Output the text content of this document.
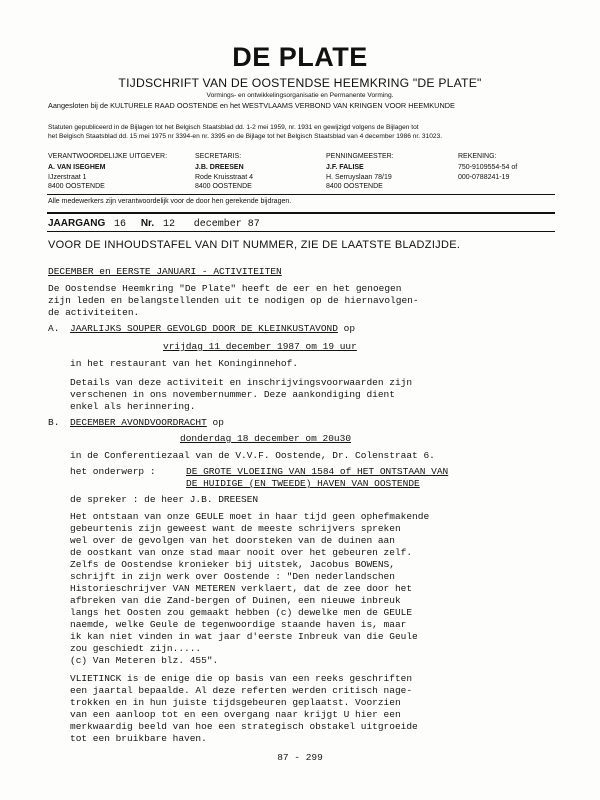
DE PLATE
TIJDSCHRIFT VAN DE OOSTENDSE HEEMKRING "DE PLATE"
Vormings- en ontwikkelingsorganisatie en Permanente Vorming.
Aangesloten bij de KULTURELE RAAD OOSTENDE en het WESTVLAAMS VERBOND VAN KRINGEN VOOR HEEMKUNDE
Statuten gepubliceerd in de Bijlagen tot het Belgisch Staatsblad dd. 1-2 mei 1959, nr. 1931 en gewijzigd volgens de Bijlagen tot
het Belgisch Staatsblad dd. 15 mei 1975 nr 3394-en nr. 3395 en de Bijlage tot het Belgisch Staatsblad van 4 december 1986 nr. 31023.
VERANTWOORDELIJKE UITGEVER:
A. VAN ISEGHEM
IJzerstraat 1
8400 OOSTENDE
SECRETARIS:
J.B. DREESEN
Rode Kruisstraat 4
8400 OOSTENDE
PENNINGMEESTER:
J.F. FALISE
H. Serruyslaan 78/19
8400 OOSTENDE
REKENING:
750-9109554-54 of
000-0788241-19
Alle medewerkers zijn verantwoordelijk voor de door hen gerekende bijdragen.
JAARGANG 16 Nr. 12 december 87
VOOR DE INHOUDSTAFEL VAN DIT NUMMER, ZIE DE LAATSTE BLADZIJDE.
DECEMBER en EERSTE JANUARI - ACTIVITEITEN
De Oostendse Heemkring "De Plate" heeft de eer en het genoegen
zijn leden en belangstellenden uit te nodigen op de hiernavolgen-
de activiteiten.
A. JAARLIJKS SOUPER GEVOLGD DOOR DE KLEINKUSTAVOND op
vrijdag 11 december 1987 om 19 uur
in het restaurant van het Koninginnehof.
Details van deze activiteit en inschrijvingsvoorwaarden zijn
verschenen in ons novembernummer. Deze aankondiging dient
enkel als herinnering.
B. DECEMBER AVONDVOORDRACHT op
donderdag 18 december om 20u30
in de Conferentiezaal van de V.V.F. Oostende, Dr. Colenstraat 6.
het onderwerp :	DE GROTE VLOEIING VAN 1584 of HET ONTSTAAN VAN
DE HUIDIGE (EN TWEEDE) HAVEN VAN OOSTENDE
de spreker : de heer J.B. DREESEN
Het ontstaan van onze GEULE moet in haar tijd geen ophefmakende
gebeurtenis zijn geweest want de meeste schrijvers spreken
wel over de gevolgen van het doorsteken van de duinen aan
de oostkant van onze stad maar nooit over het gebeuren zelf.
Zelfs de Oostendse kronieker bij uitstek, Jacobus BOWENS,
schrijft in zijn werk over Oostende : "Den nederlandschen
Historieschrijver VAN METEREN verklaert, dat de zee door het
afbreken van die Zand-bergen of Duinen, een nieuwe inbreuk
langs het Oosten zou gemaakt hebben (c) dewelke men de GEULE
naemde, welke Geule de tegenwoordige staande haven is, maar
ik kan niet vinden in wat jaar d'eerste Inbreuk van die Geule
zou geschiedt zijn.....
(c) Van Meteren blz. 455".
VLIETINCK is de enige die op basis van een reeks geschriften
een jaartal bepaalde. Al deze referten werden critisch nage-
trokken en in hun juiste tijdsgebeuren geplaatst. Voorzien
van een aanloop tot en een overgang naar krijgt U hier een
merkwaardig beeld van hoe een strategisch obstakel uitgroeide
tot een bruikbare haven.
87 - 299
